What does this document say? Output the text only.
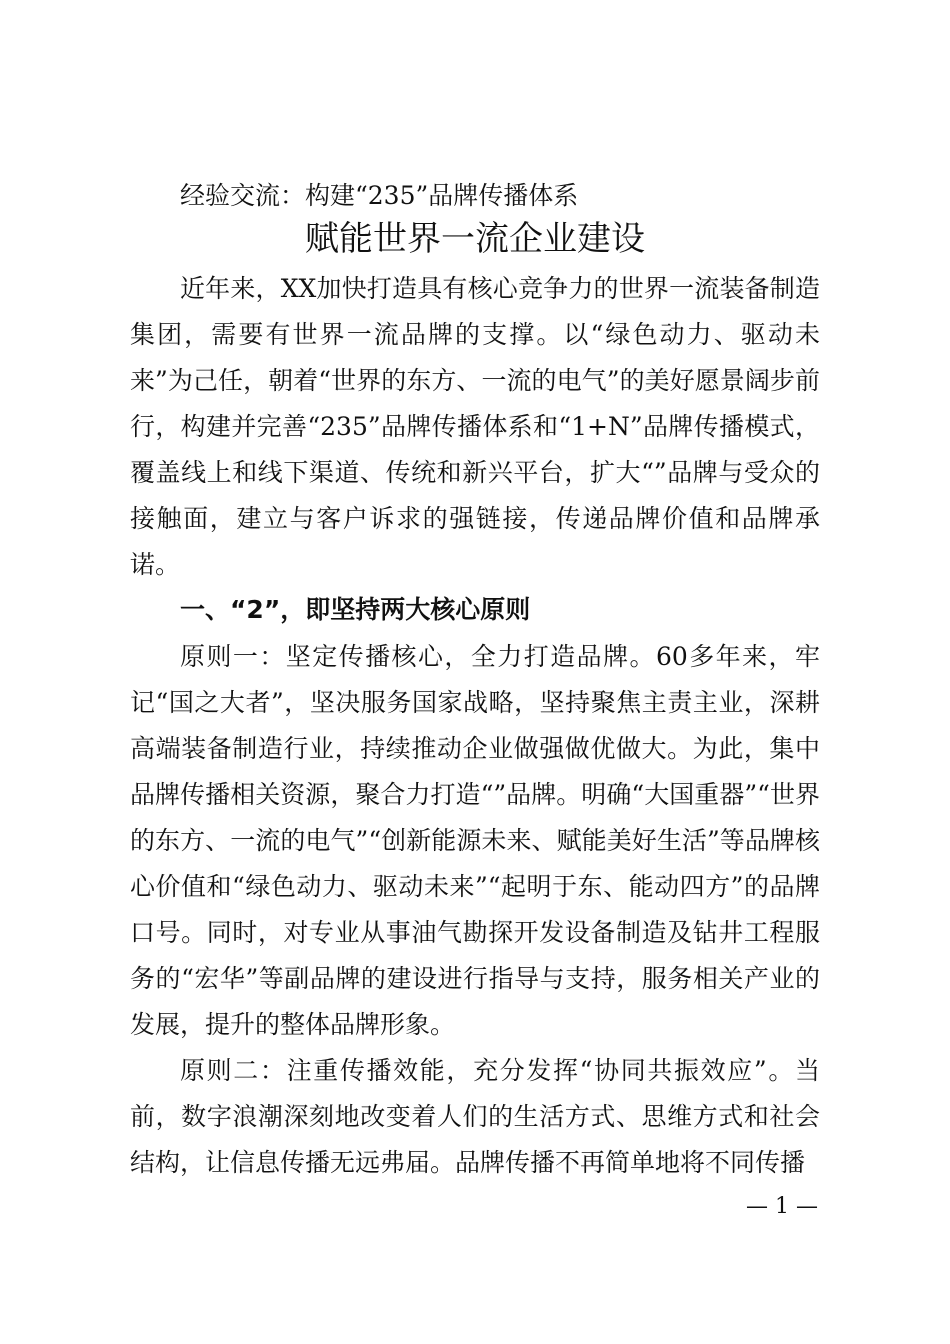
经验交流：构建“235”品牌传播体系
赋能世界一流企业建设

近年来，XX加快打造具有核心竞争力的世界一流装备制造集团，需要有世界一流品牌的支撑。以“绿色动力、驱动未来”为己任，朝着“世界的东方、一流的电气”的美好愿景阔步前行，构建并完善“235”品牌传播体系和“1+N”品牌传播模式，覆盖线上和线下渠道、传统和新兴平台，扩大“”品牌与受众的接触面，建立与客户诉求的强链接，传递品牌价值和品牌承诺。

一、“2”，即坚持两大核心原则

原则一：坚定传播核心，全力打造品牌。60多年来，牢记“国之大者”，坚决服务国家战略，坚持聚焦主责主业，深耕高端装备制造行业，持续推动企业做强做优做大。为此，集中品牌传播相关资源，聚合力打造“”品牌。明确“大国重器”“世界的东方、一流的电气”“创新能源未来、赋能美好生活”等品牌核心价值和“绿色动力、驱动未来”“起明于东、能动四方”的品牌口号。同时，对专业从事油气勘探开发设备制造及钻井工程服务的“宏华”等副品牌的建设进行指导与支持，服务相关产业的发展，提升的整体品牌形象。

原则二：注重传播效能，充分发挥“协同共振效应”。当前，数字浪潮深刻地改变着人们的生活方式、思维方式和社会结构，让信息传播无远弗届。品牌传播不再简单地将不同传播

— 1 —
